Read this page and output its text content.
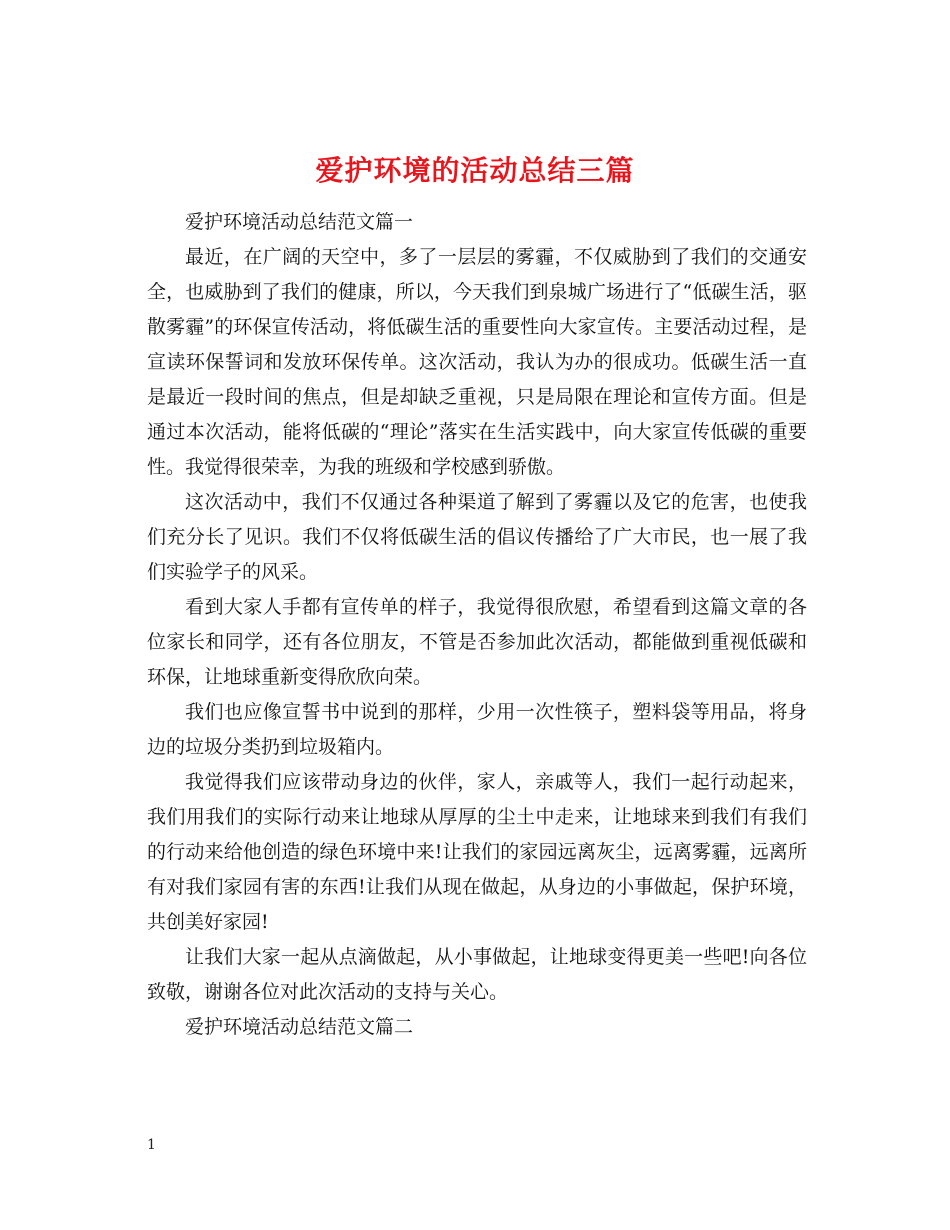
爱护环境的活动总结三篇

爱护环境活动总结范文篇一

最近，在广阔的天空中，多了一层层的雾霾，不仅威胁到了我们的交通安全，也威胁到了我们的健康，所以，今天我们到泉城广场进行了“低碳生活，驱散雾霾”的环保宣传活动，将低碳生活的重要性向大家宣传。主要活动过程，是宣读环保誓词和发放环保传单。这次活动，我认为办的很成功。低碳生活一直是最近一段时间的焦点，但是却缺乏重视，只是局限在理论和宣传方面。但是通过本次活动，能将低碳的“理论”落实在生活实践中，向大家宣传低碳的重要性。我觉得很荣幸，为我的班级和学校感到骄傲。

这次活动中，我们不仅通过各种渠道了解到了雾霾以及它的危害，也使我们充分长了见识。我们不仅将低碳生活的倡议传播给了广大市民，也一展了我们实验学子的风采。

看到大家人手都有宣传单的样子，我觉得很欣慰，希望看到这篇文章的各位家长和同学，还有各位朋友，不管是否参加此次活动，都能做到重视低碳和环保，让地球重新变得欣欣向荣。

我们也应像宣誓书中说到的那样，少用一次性筷子，塑料袋等用品，将身边的垃圾分类扔到垃圾箱内。

我觉得我们应该带动身边的伙伴，家人，亲戚等人，我们一起行动起来，我们用我们的实际行动来让地球从厚厚的尘土中走来，让地球来到我们有我们的行动来给他创造的绿色环境中来!让我们的家园远离灰尘，远离雾霾，远离所有对我们家园有害的东西!让我们从现在做起，从身边的小事做起，保护环境，共创美好家园!

让我们大家一起从点滴做起，从小事做起，让地球变得更美一些吧!向各位致敬，谢谢各位对此次活动的支持与关心。

爱护环境活动总结范文篇二

1
